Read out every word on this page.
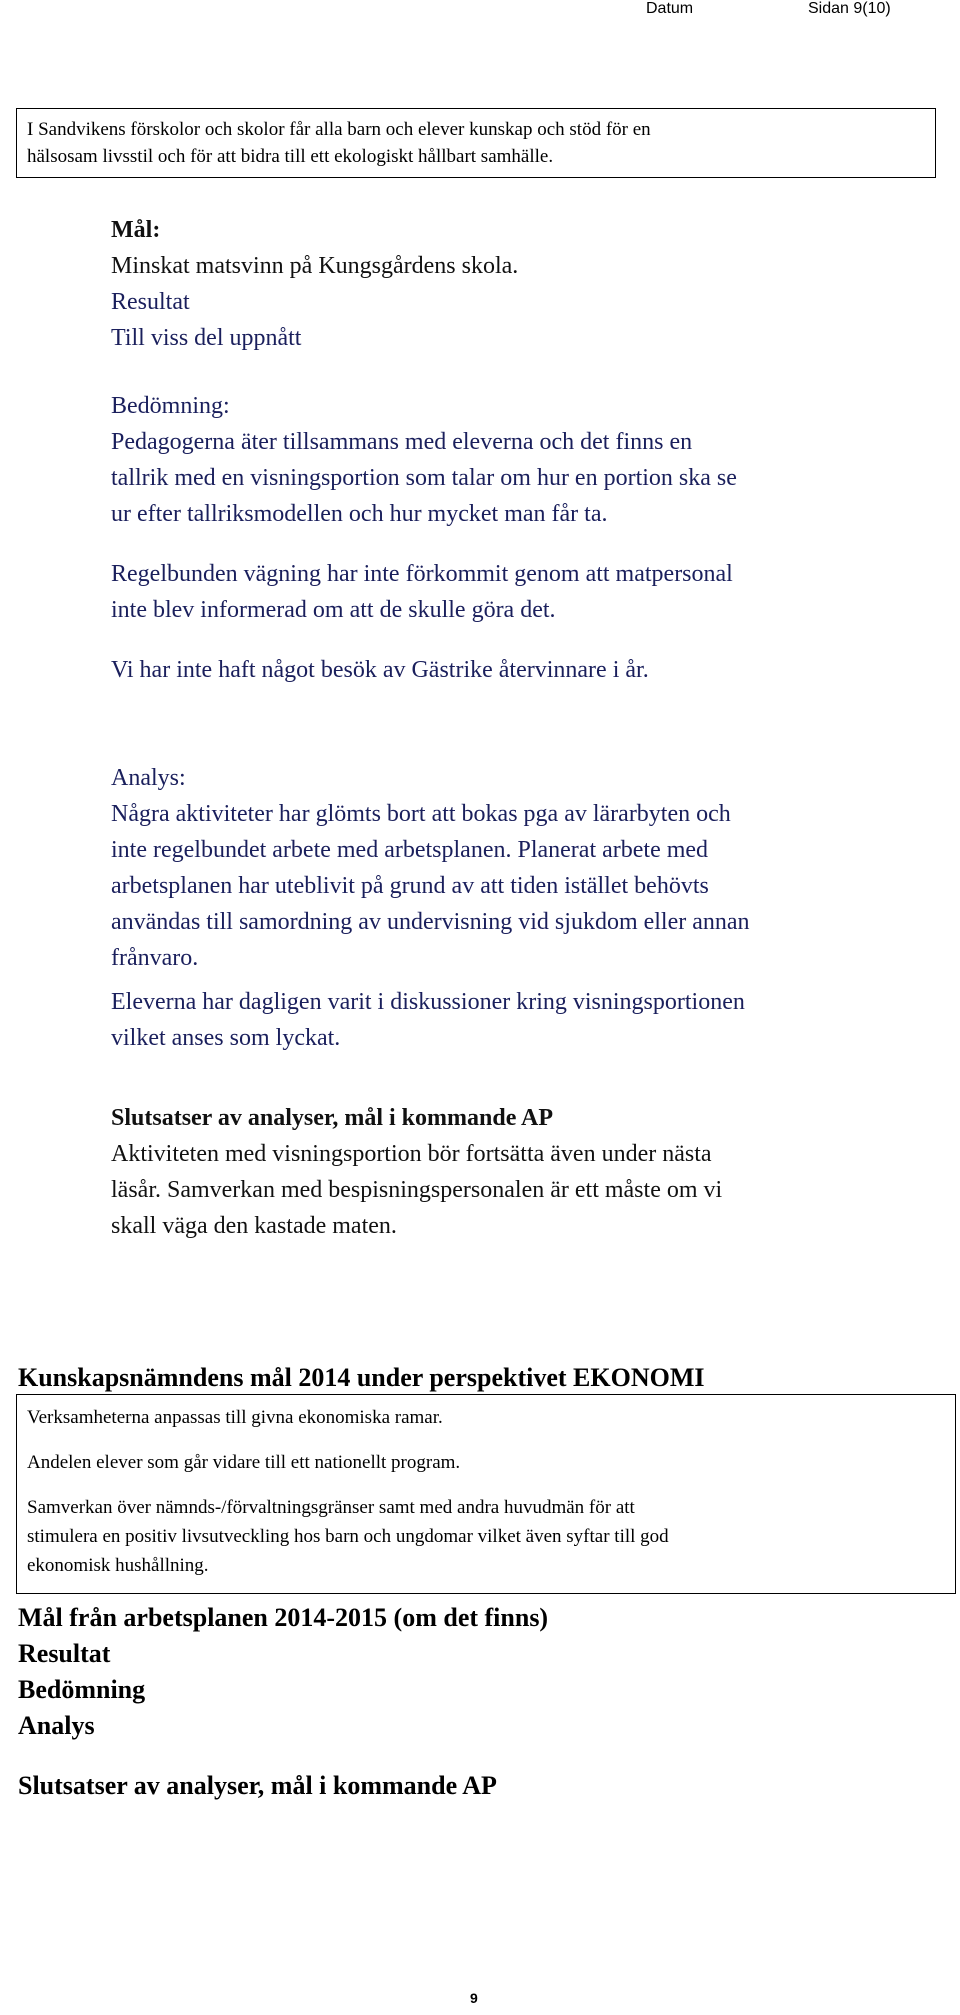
Datum	Sidan 9(10)

I Sandvikens förskolor och skolor får alla barn och elever kunskap och stöd för en

hälsosam livsstil och för att bidra till ett ekologiskt hållbart samhälle.

Mål:

Minskat matsvinn på Kungsgårdens skola.

Resultat

Till viss del uppnått

Bedömning:

Pedagogerna äter tillsammans med eleverna och det finns en

tallrik med en visningsportion som talar om hur en portion ska se

ur efter tallriksmodellen och hur mycket man får ta.

Regelbunden vägning har inte förkommit genom att matpersonal

inte blev informerad om att de skulle göra det.

Vi har inte haft något besök av Gästrike återvinnare i år.

Analys:

Några aktiviteter har glömts bort att bokas pga av lärarbyten och

inte regelbundet arbete med arbetsplanen. Planerat arbete med

arbetsplanen har uteblivit på grund av att tiden istället behövts

användas till samordning av undervisning vid sjukdom eller annan

frånvaro.

Eleverna har dagligen varit i diskussioner kring visningsportionen

vilket anses som lyckat.

Slutsatser av analyser, mål i kommande AP

Aktiviteten med visningsportion bör fortsätta även under nästa

läsår. Samverkan med bespisningspersonalen är ett måste om vi

skall väga den kastade maten.

Kunskapsnämndens mål 2014 under perspektivet EKONOMI

Verksamheterna anpassas till givna ekonomiska ramar.

Andelen elever som går vidare till ett nationellt program.

Samverkan över nämnds-/förvaltningsgränser samt med andra huvudmän för att

stimulera en positiv livsutveckling hos barn och ungdomar vilket även syftar till god

ekonomisk hushållning.

Mål från arbetsplanen 2014-2015 (om det finns)

Resultat

Bedömning

Analys

Slutsatser av analyser, mål i kommande AP

9
